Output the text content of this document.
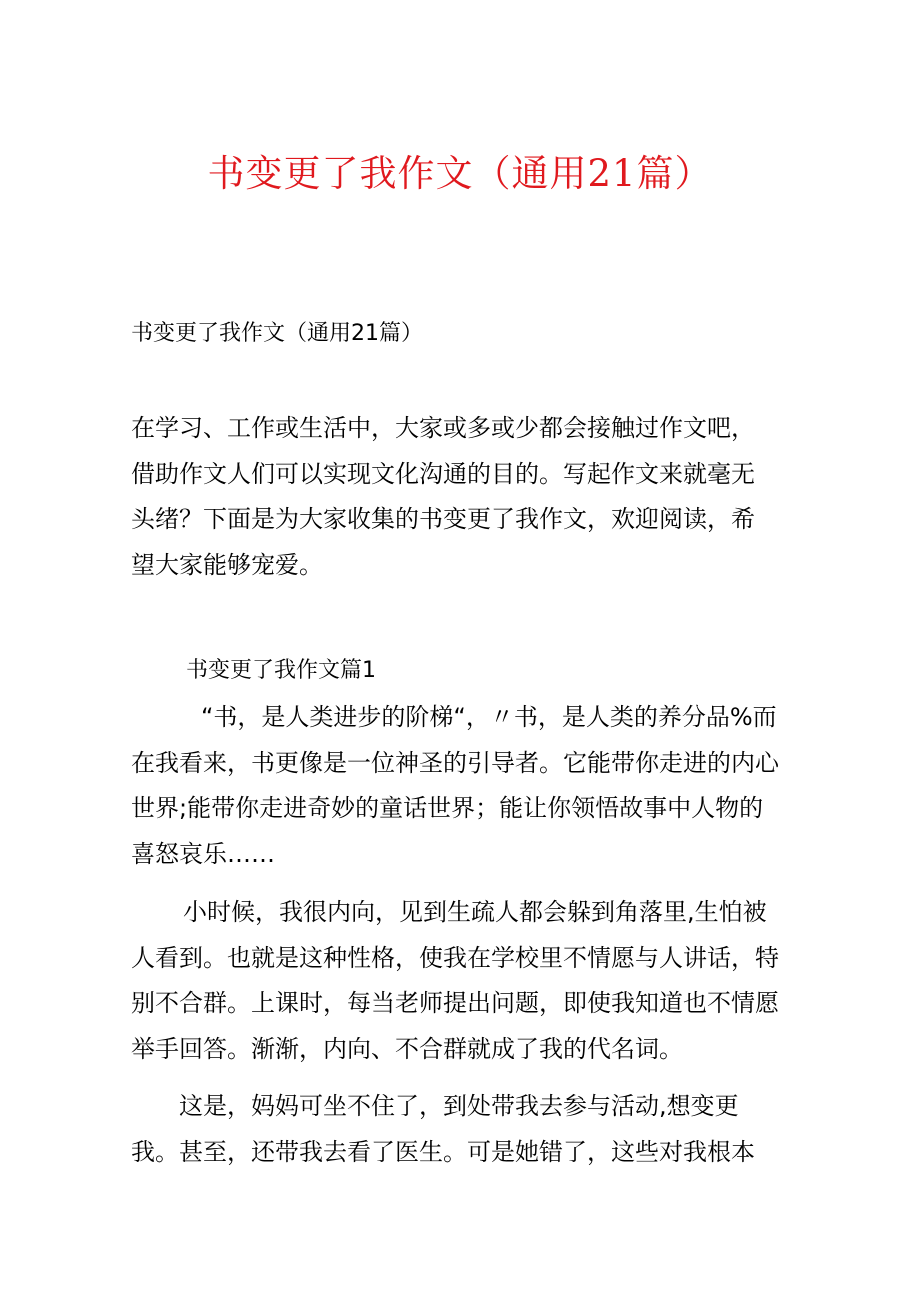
书变更了我作文（通用21篇）
书变更了我作文（通用21篇）
在学习、工作或生活中，大家或多或少都会接触过作文吧，
借助作文人们可以实现文化沟通的目的。写起作文来就毫无
头绪？下面是为大家收集的书变更了我作文，欢迎阅读，希
望大家能够宠爱。
书变更了我作文篇1
“书，是人类进步的阶梯“，〃书，是人类的养分品%而
在我看来，书更像是一位神圣的引导者。它能带你走进的内心
世界;能带你走进奇妙的童话世界；能让你领悟故事中人物的
喜怒哀乐……
小时候，我很内向，见到生疏人都会躲到角落里,生怕被
人看到。也就是这种性格，使我在学校里不情愿与人讲话，特
别不合群。上课时，每当老师提出问题，即使我知道也不情愿
举手回答。渐渐，内向、不合群就成了我的代名词。
这是，妈妈可坐不住了，到处带我去参与活动,想变更
我。甚至，还带我去看了医生。可是她错了，这些对我根本
